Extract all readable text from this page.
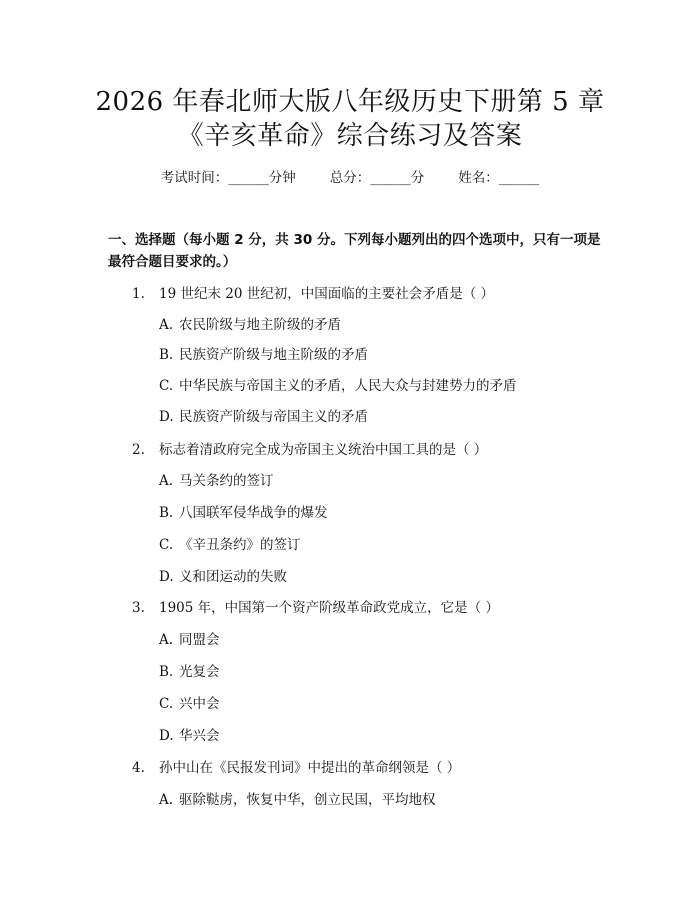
2026 年春北师大版八年级历史下册第 5 章
《辛亥革命》综合练习及答案
考试时间：______分钟	总分：______分	姓名：______
一、选择题（每小题 2 分，共 30 分。下列每小题列出的四个选项中，只有一项是
最符合题目要求的。）
1. 19 世纪末 20 世纪初，中国面临的主要社会矛盾是（ ）
A. 农民阶级与地主阶级的矛盾
B. 民族资产阶级与地主阶级的矛盾
C. 中华民族与帝国主义的矛盾，人民大众与封建势力的矛盾
D. 民族资产阶级与帝国主义的矛盾
2. 标志着清政府完全成为帝国主义统治中国工具的是（ ）
A. 马关条约的签订
B. 八国联军侵华战争的爆发
C. 《辛丑条约》的签订
D. 义和团运动的失败
3. 1905 年，中国第一个资产阶级革命政党成立，它是（ ）
A. 同盟会
B. 光复会
C. 兴中会
D. 华兴会
4. 孙中山在《民报发刊词》中提出的革命纲领是（ ）
A. 驱除鞑虏，恢复中华，创立民国，平均地权
